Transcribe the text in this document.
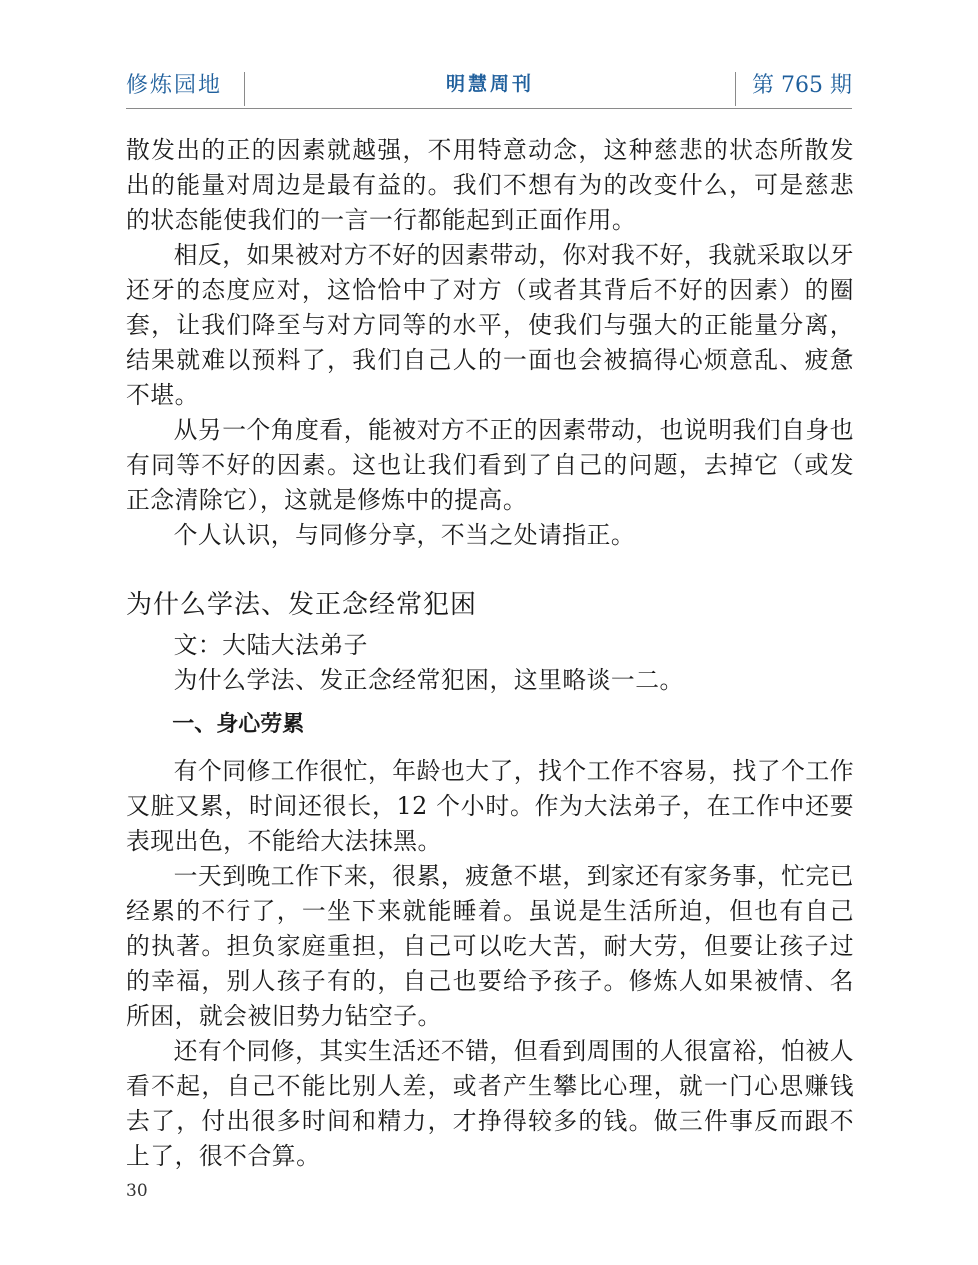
修炼园地	明慧周刊	第 765 期

散发出的正的因素就越强，不用特意动念，这种慈悲的状态所散发出的能量对周边是最有益的。我们不想有为的改变什么，可是慈悲的状态能使我们的一言一行都能起到正面作用。

相反，如果被对方不好的因素带动，你对我不好，我就采取以牙还牙的态度应对，这恰恰中了对方（或者其背后不好的因素）的圈套，让我们降至与对方同等的水平，使我们与强大的正能量分离，结果就难以预料了，我们自己人的一面也会被搞得心烦意乱、疲惫不堪。

从另一个角度看，能被对方不正的因素带动，也说明我们自身也有同等不好的因素。这也让我们看到了自己的问题，去掉它（或发正念清除它），这就是修炼中的提高。

个人认识，与同修分享，不当之处请指正。

为什么学法、发正念经常犯困

文：大陆大法弟子

为什么学法、发正念经常犯困，这里略谈一二。

一、身心劳累

有个同修工作很忙，年龄也大了，找个工作不容易，找了个工作又脏又累，时间还很长，12 个小时。作为大法弟子，在工作中还要表现出色，不能给大法抹黑。

一天到晚工作下来，很累，疲惫不堪，到家还有家务事，忙完已经累的不行了，一坐下来就能睡着。虽说是生活所迫，但也有自己的执著。担负家庭重担，自己可以吃大苦，耐大劳，但要让孩子过的幸福，别人孩子有的，自己也要给予孩子。修炼人如果被情、名所困，就会被旧势力钻空子。

还有个同修，其实生活还不错，但看到周围的人很富裕，怕被人看不起，自己不能比别人差，或者产生攀比心理，就一门心思赚钱去了，付出很多时间和精力，才挣得较多的钱。做三件事反而跟不上了，很不合算。

30
